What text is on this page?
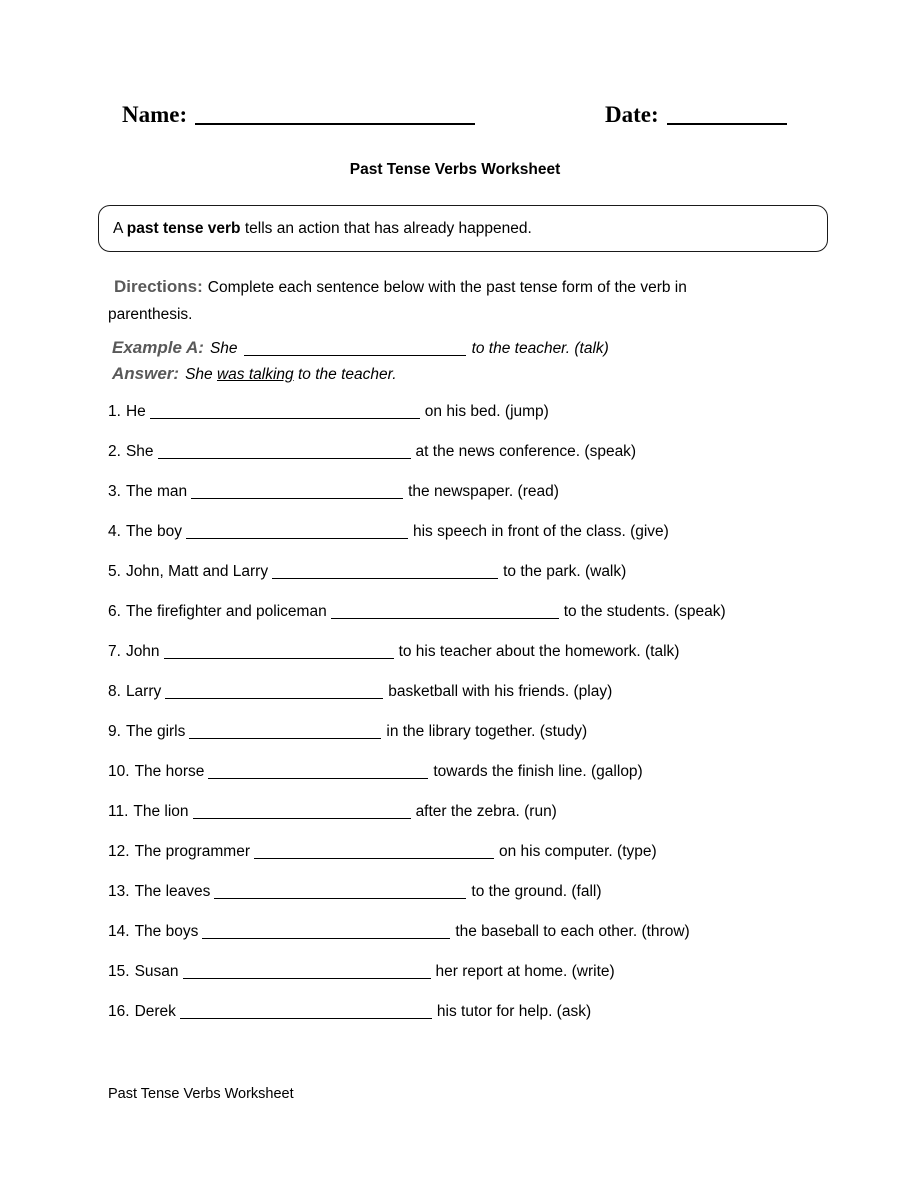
Name:	Date:
Past Tense Verbs Worksheet
A past tense verb tells an action that has already happened.
Directions: Complete each sentence below with the past tense form of the verb in parenthesis.
Example A: She	to the teacher. (talk)
Answer: She was talking to the teacher.
1. He	on his bed. (jump)
2. She	at the news conference. (speak)
3. The man	the newspaper. (read)
4. The boy	his speech in front of the class. (give)
5. John, Matt and Larry	to the park. (walk)
6. The firefighter and policeman	to the students. (speak)
7. John	to his teacher about the homework. (talk)
8. Larry	basketball with his friends. (play)
9. The girls	in the library together. (study)
10. The horse	towards the finish line. (gallop)
11. The lion	after the zebra. (run)
12. The programmer	on his computer. (type)
13. The leaves	to the ground. (fall)
14. The boys	the baseball to each other. (throw)
15. Susan	her report at home. (write)
16. Derek	his tutor for help. (ask)
Past Tense Verbs Worksheet
